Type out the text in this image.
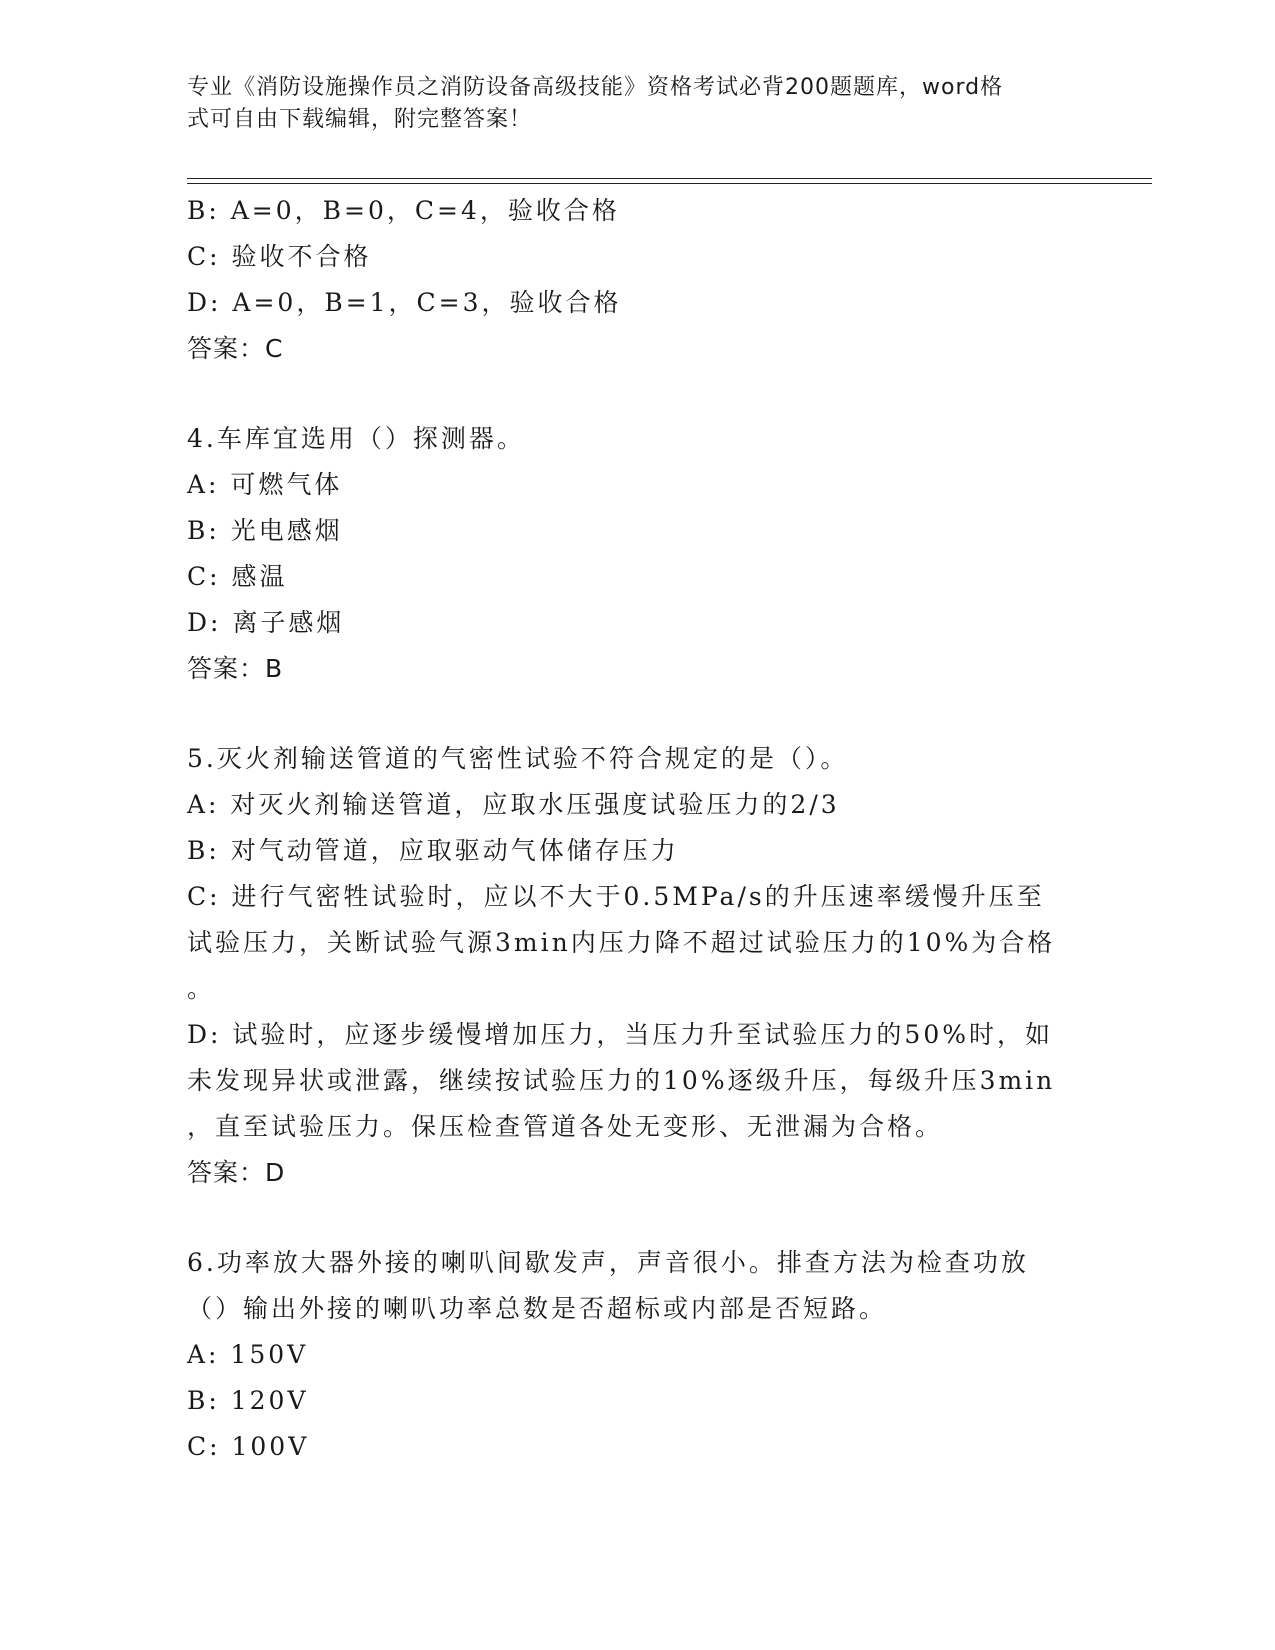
专业《消防设施操作员之消防设备高级技能》资格考试必背200题题库，word格
式可自由下载编辑，附完整答案！
B: A=0，B=0，C=4，验收合格
C: 验收不合格
D: A=0，B=1，C=3，验收合格
答案：C
4.车库宜选用（）探测器。
A: 可燃气体
B: 光电感烟
C: 感温
D: 离子感烟
答案：B
5.灭火剂输送管道的气密性试验不符合规定的是（）。
A: 对灭火剂输送管道，应取水压强度试验压力的2/3
B: 对气动管道，应取驱动气体储存压力
C: 进行气密牲试验时，应以不大于0.5MPa/s的升压速率缓慢升压至
试验压力，关断试验气源3min内压力降不超过试验压力的10%为合格
。
D: 试验时，应逐步缓慢增加压力，当压力升至试验压力的50%时，如
未发现异状或泄露，继续按试验压力的10%逐级升压，每级升压3min
，直至试验压力。保压检查管道各处无变形、无泄漏为合格。
答案：D
6.功率放大器外接的喇叭间歇发声，声音很小。排查方法为检查功放
（）输出外接的喇叭功率总数是否超标或内部是否短路。
A: 150V
B: 120V
C: 100V
